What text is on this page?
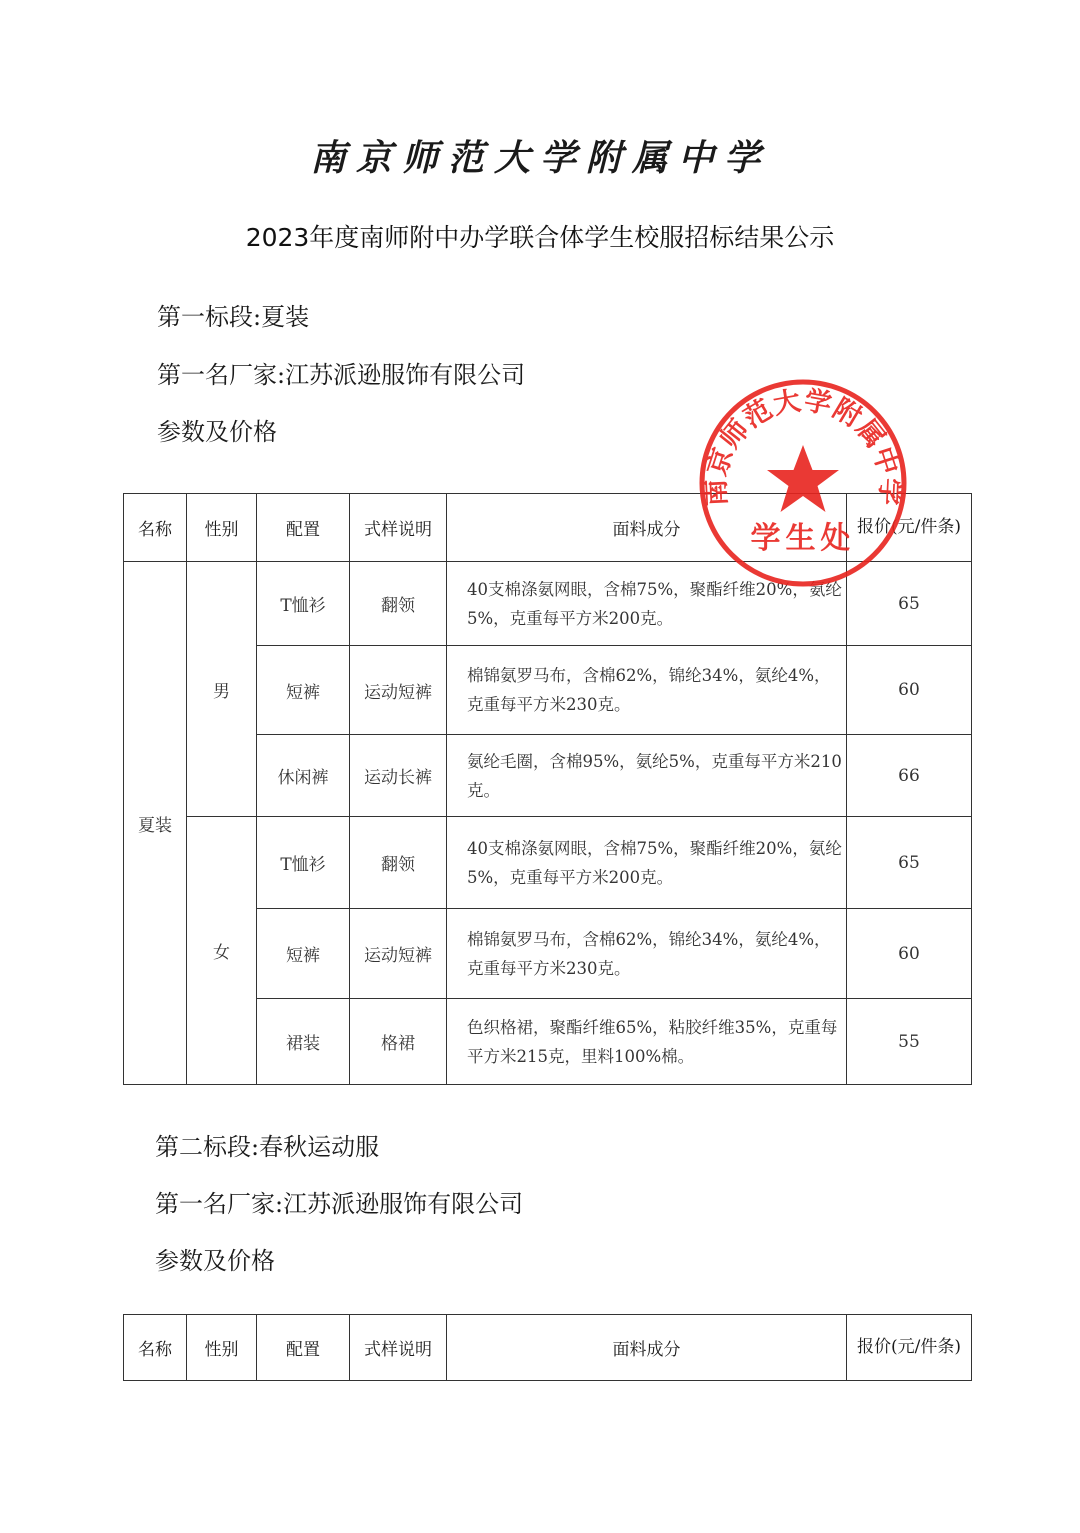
南京师范大学附属中学
2023年度南师附中办学联合体学生校服招标结果公示
第一标段:夏装
第一名厂家:江苏派逊服饰有限公司
参数及价格
名称	性别	配置	式样说明	面料成分	报价(元/件条)
夏装	男	T恤衫	翻领	40支棉涤氨网眼，含棉75%，聚酯纤维20%，氨纶5%，克重每平方米200克。	65
		短裤	运动短裤	棉锦氨罗马布，含棉62%，锦纶34%，氨纶4%，克重每平方米230克。	60
		休闲裤	运动长裤	氨纶毛圈，含棉95%，氨纶5%，克重每平方米210克。	66
	女	T恤衫	翻领	40支棉涤氨网眼，含棉75%，聚酯纤维20%，氨纶5%，克重每平方米200克。	65
		短裤	运动短裤	棉锦氨罗马布，含棉62%，锦纶34%，氨纶4%，克重每平方米230克。	60
		裙装	格裙	色织格裙，聚酯纤维65%，粘胶纤维35%，克重每平方米215克，里料100%棉。	55
第二标段:春秋运动服
第一名厂家:江苏派逊服饰有限公司
参数及价格
名称	性别	配置	式样说明	面料成分	报价(元/件条)
南京师范大学附属中学
学生处
